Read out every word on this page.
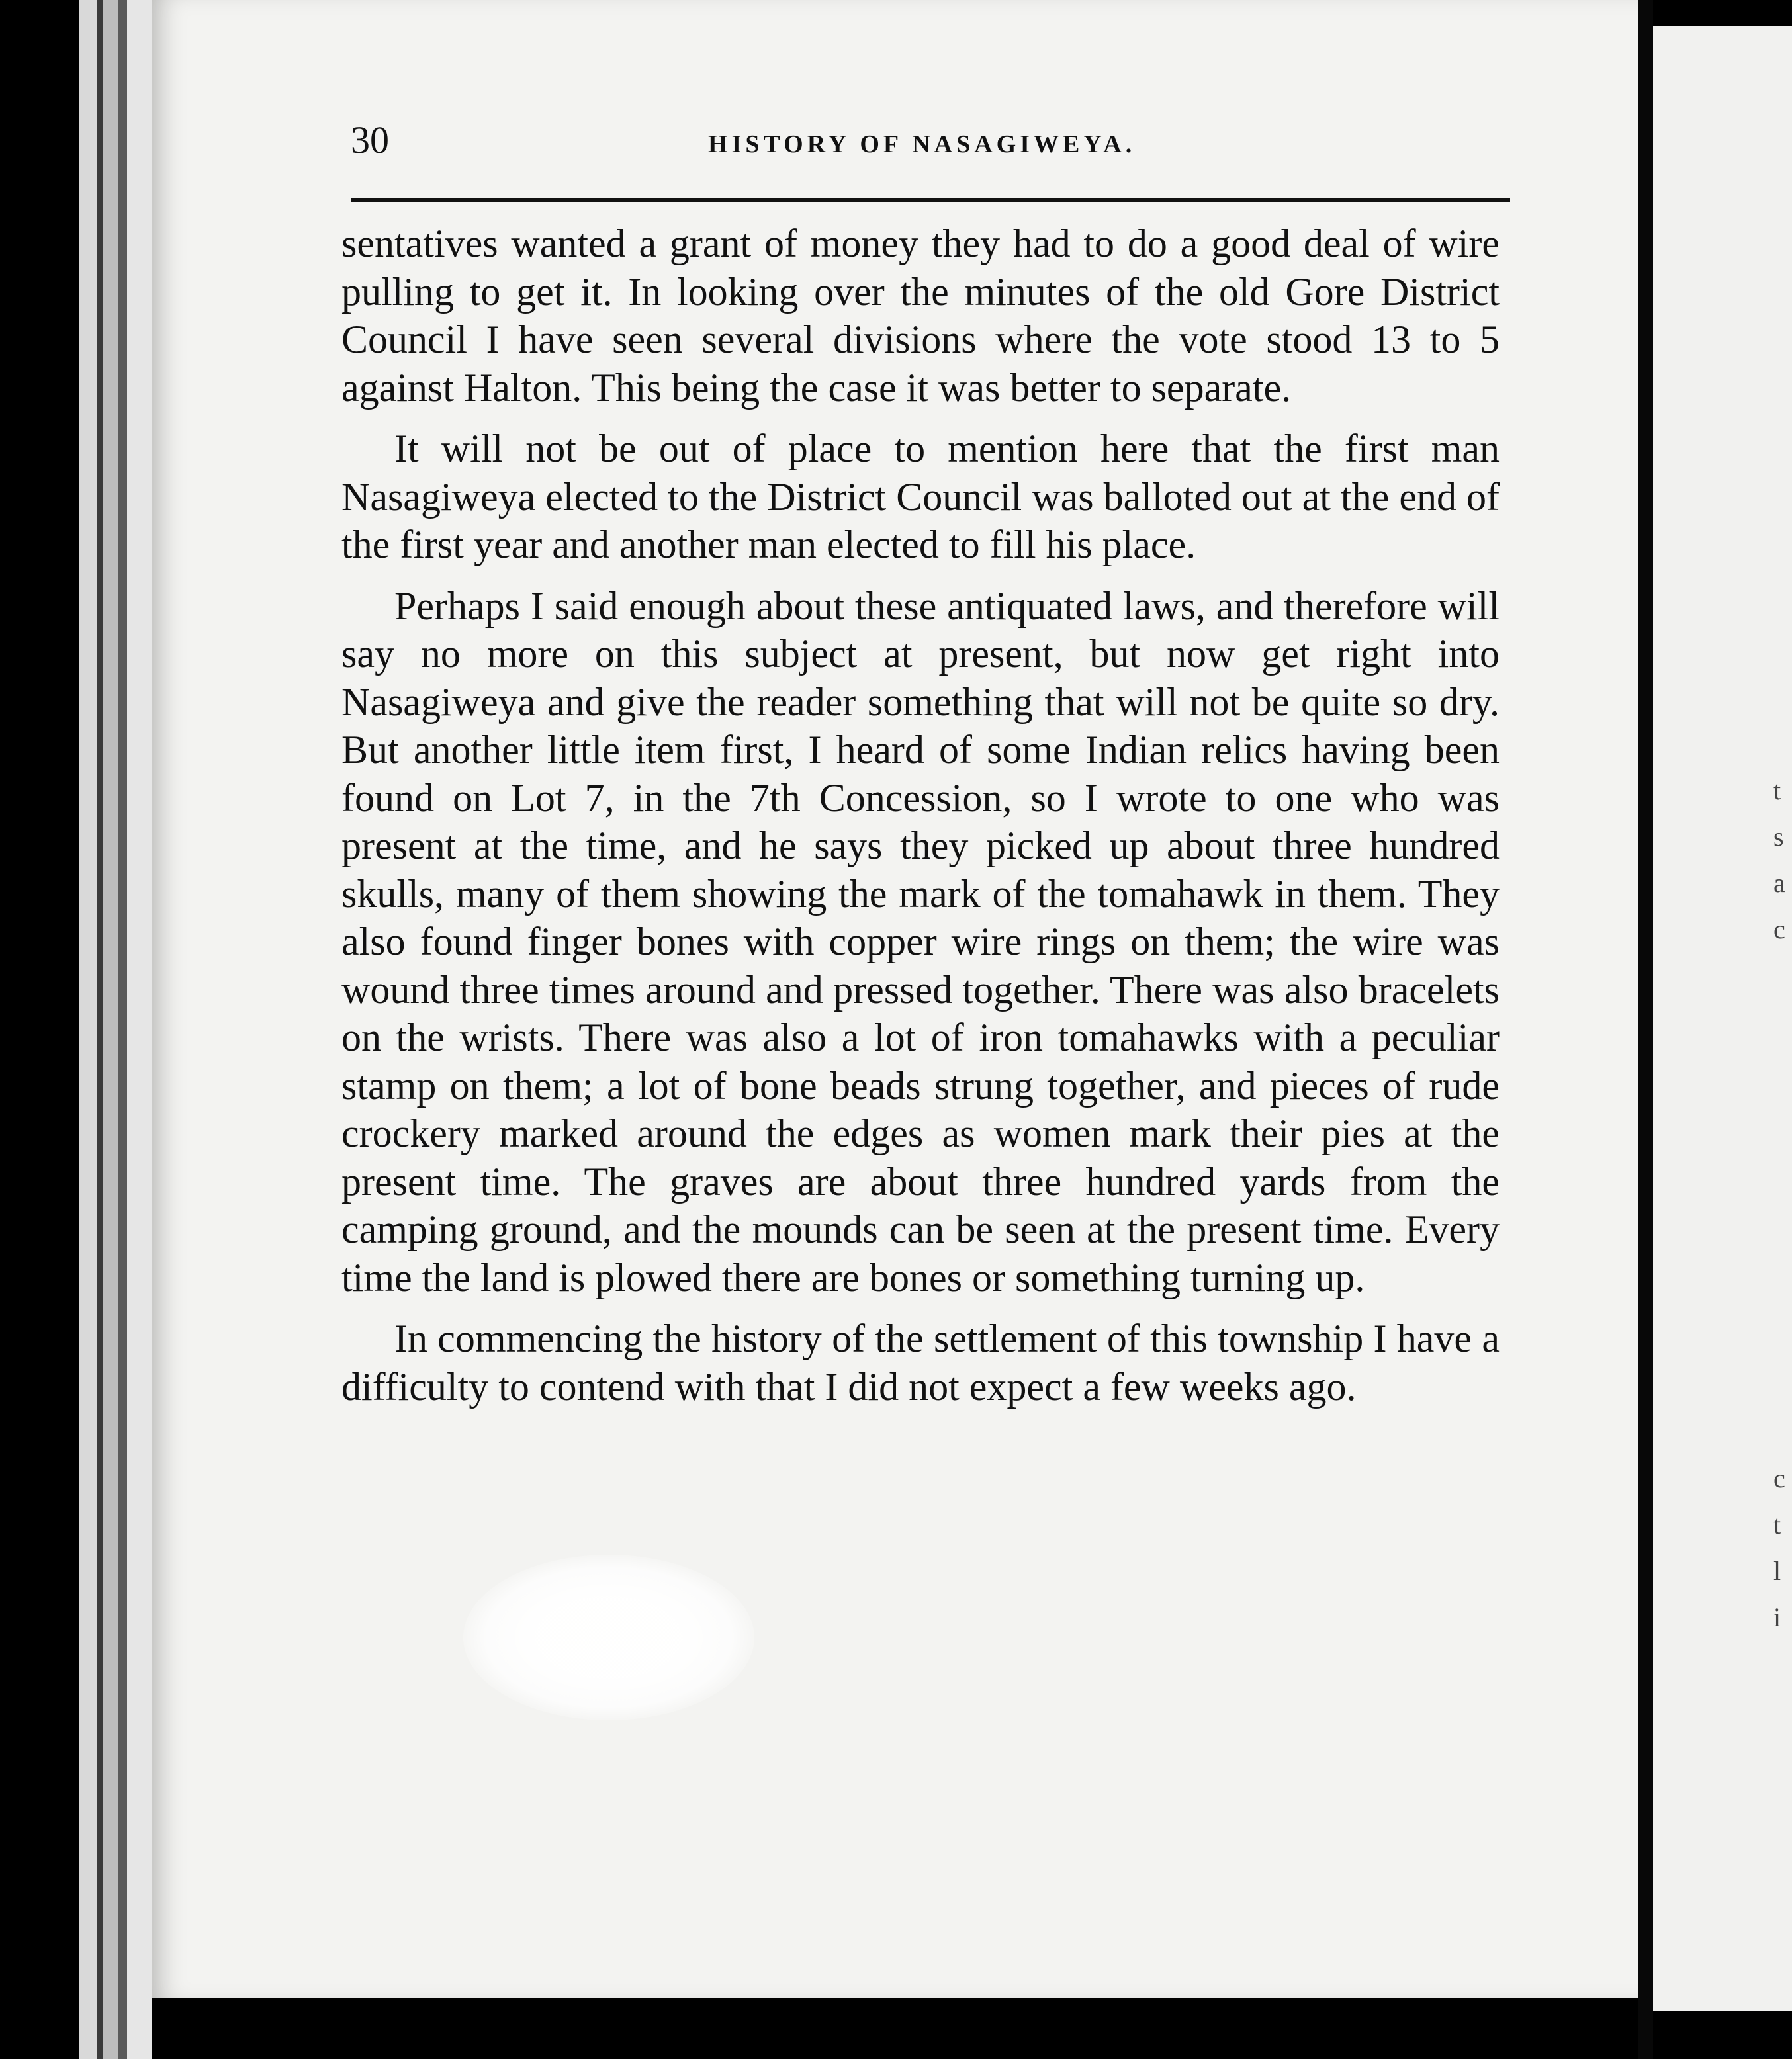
t
s
a
c
c
t
l
i
30	HISTORY OF NASAGIWEYA.

sentatives wanted a grant of money they had to do a good deal of wire pulling to get it. In looking over the minutes of the old Gore District Council I have seen several divisions where the vote stood 13 to 5 against Halton. This being the case it was better to separate.

It will not be out of place to mention here that the first man Nasagiweya elected to the District Council was balloted out at the end of the first year and another man elected to fill his place.

Perhaps I said enough about these antiquated laws, and therefore will say no more on this subject at present, but now get right into Nasagiweya and give the reader something that will not be quite so dry. But another little item first, I heard of some Indian relics having been found on Lot 7, in the 7th Concession, so I wrote to one who was present at the time, and he says they picked up about three hundred skulls, many of them showing the mark of the tomahawk in them. They also found finger bones with copper wire rings on them; the wire was wound three times around and pressed together. There was also bracelets on the wrists. There was also a lot of iron tomahawks with a peculiar stamp on them; a lot of bone beads strung together, and pieces of rude crockery marked around the edges as women mark their pies at the present time. The graves are about three hundred yards from the camping ground, and the mounds can be seen at the present time. Every time the land is plowed there are bones or something turning up.

In commencing the history of the settlement of this township I have a difficulty to contend with that I did not expect a few weeks ago.
